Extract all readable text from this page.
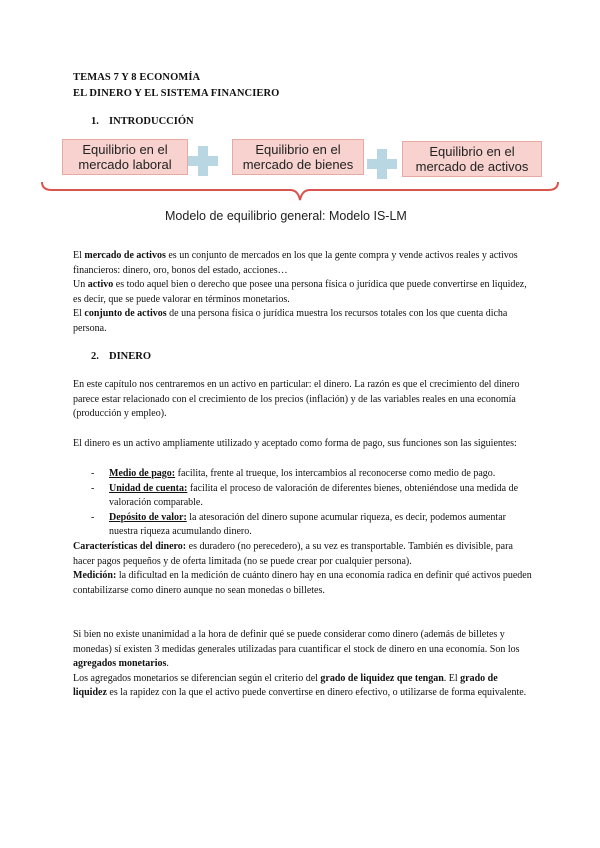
TEMAS 7 Y 8 ECONOMÍA
EL DINERO Y EL SISTEMA FINANCIERO
1. INTRODUCCIÓN
Equilibrio en el
mercado laboral
Equilibrio en el
mercado de bienes
Equilibrio en el
mercado de activos
Modelo de equilibrio general: Modelo IS-LM

El mercado de activos es un conjunto de mercados en los que la gente compra y vende activos reales y activos financieros: dinero, oro, bonos del estado, acciones…

Un activo es todo aquel bien o derecho que posee una persona física o jurídica que puede convertirse en liquidez, es decir, que se puede valorar en términos monetarios.

El conjunto de activos de una persona física o jurídica muestra los recursos totales con los que cuenta dicha persona.

2. DINERO

En este capítulo nos centraremos en un activo en particular: el dinero. La razón es que el crecimiento del dinero parece estar relacionado con el crecimiento de los precios (inflación) y de las variables reales en una economía (producción y empleo).

El dinero es un activo ampliamente utilizado y aceptado como forma de pago, sus funciones son las siguientes:

- Medio de pago: facilita, frente al trueque, los intercambios al reconocerse como medio de pago.
- Unidad de cuenta: facilita el proceso de valoración de diferentes bienes, obteniéndose una medida de valoración comparable.
- Depósito de valor: la atesoración del dinero supone acumular riqueza, es decir, podemos aumentar nuestra riqueza acumulando dinero.

Características del dinero: es duradero (no perecedero), a su vez es transportable. También es divisible, para hacer pagos pequeños y de oferta limitada (no se puede crear por cualquier persona).

Medición: la dificultad en la medición de cuánto dinero hay en una economía radica en definir qué activos pueden contabilizarse como dinero aunque no sean monedas o billetes.

Si bien no existe unanimidad a la hora de definir qué se puede considerar como dinero (además de billetes y monedas) sí existen 3 medidas generales utilizadas para cuantificar el stock de dinero en una economía. Son los agregados monetarios.

Los agregados monetarios se diferencian según el criterio del grado de liquidez que tengan. El grado de liquidez es la rapidez con la que el activo puede convertirse en dinero efectivo, o utilizarse de forma equivalente.
